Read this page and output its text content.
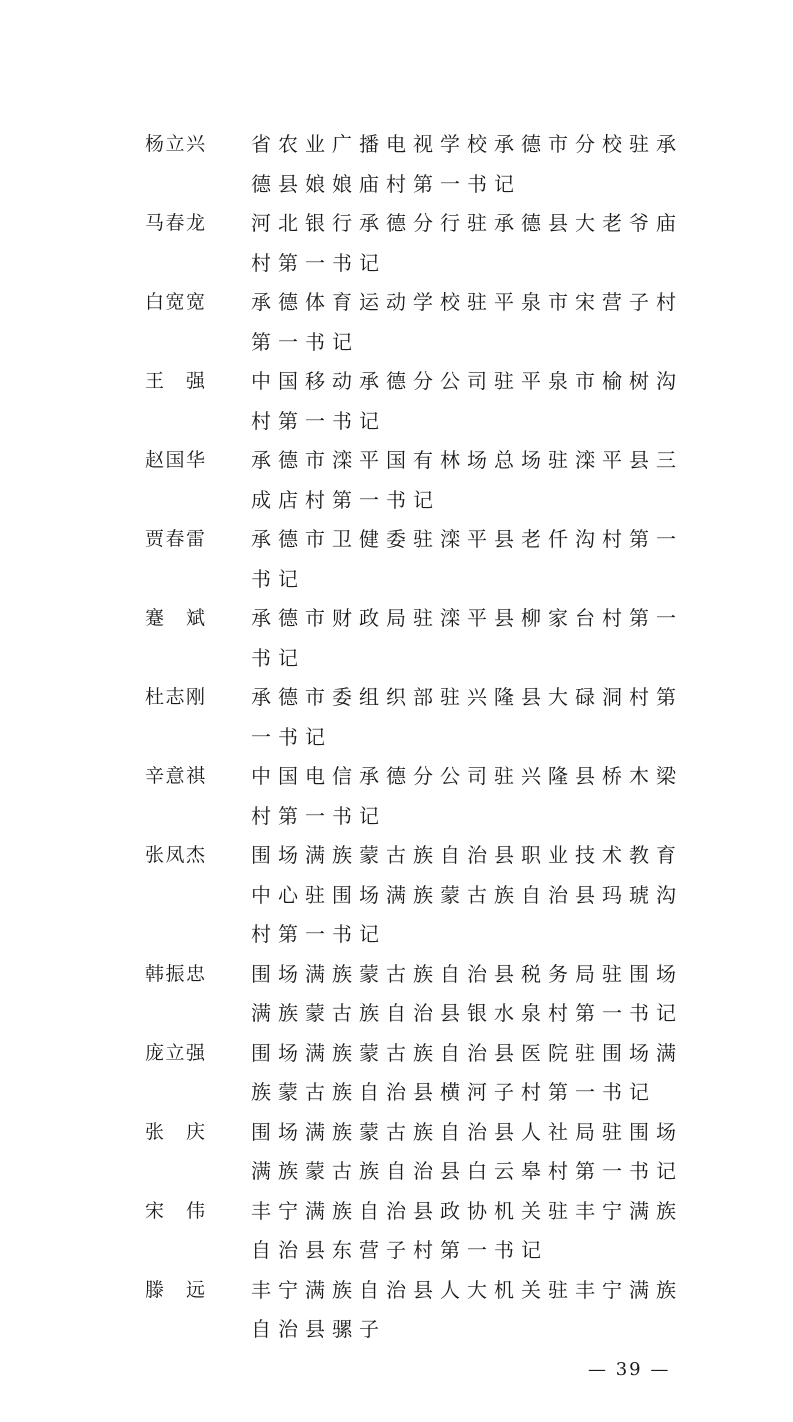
杨立兴 省农业广播电视学校承德市分校驻承德县娘娘庙村第一书记
马春龙 河北银行承德分行驻承德县大老爷庙村第一书记
白宽宽 承德体育运动学校驻平泉市宋营子村第一书记
王强 中国移动承德分公司驻平泉市榆树沟村第一书记
赵国华 承德市滦平国有林场总场驻滦平县三成店村第一书记
贾春雷 承德市卫健委驻滦平县老仟沟村第一书记
蹇斌 承德市财政局驻滦平县柳家台村第一书记
杜志刚 承德市委组织部驻兴隆县大碌洞村第一书记
辛意祺 中国电信承德分公司驻兴隆县桥木梁村第一书记
张凤杰 围场满族蒙古族自治县职业技术教育中心驻围场满族蒙古族自治县玛琥沟村第一书记
韩振忠 围场满族蒙古族自治县税务局驻围场满族蒙古族自治县银水泉村第一书记
庞立强 围场满族蒙古族自治县医院驻围场满族蒙古族自治县横河子村第一书记
张庆 围场满族蒙古族自治县人社局驻围场满族蒙古族自治县白云皋村第一书记
宋伟 丰宁满族自治县政协机关驻丰宁满族自治县东营子村第一书记
滕远 丰宁满族自治县人大机关驻丰宁满族自治县骡子
— 39 —
